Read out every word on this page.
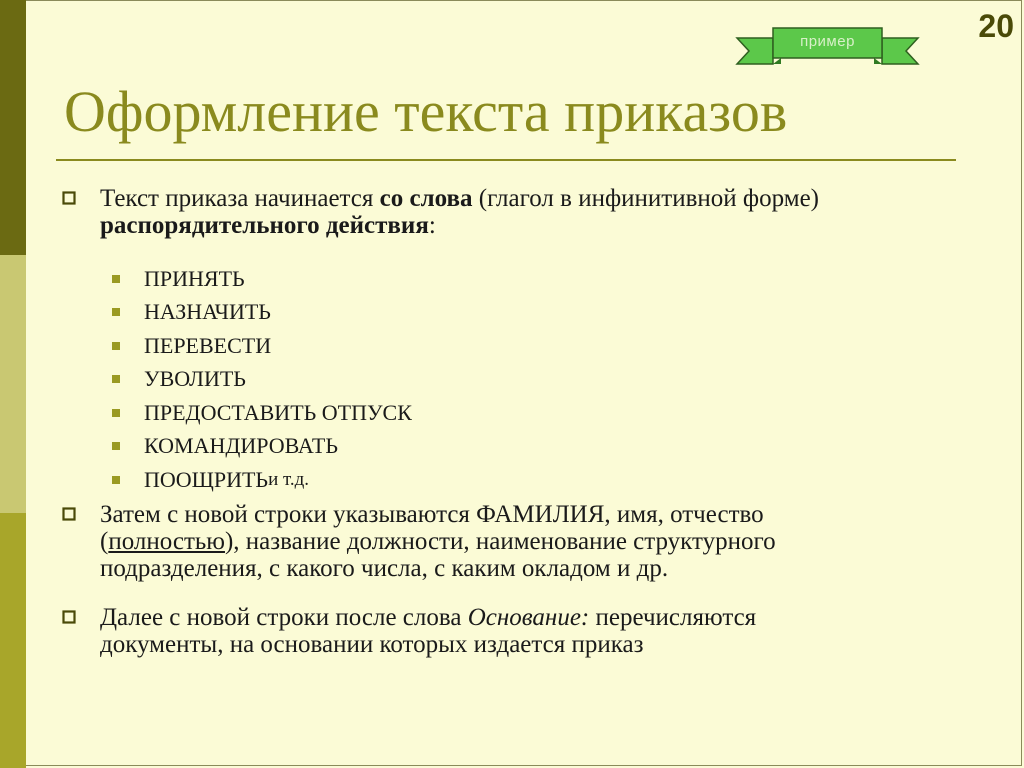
20
пример
Оформление текста приказов
Текст приказа начинается со слова (глагол в инфинитивной форме)
распорядительного действия:
ПРИНЯТЬ
НАЗНАЧИТЬ
ПЕРЕВЕСТИ
УВОЛИТЬ
ПРЕДОСТАВИТЬ ОТПУСК
КОМАНДИРОВАТЬ
ПООЩРИТЬ и т.д.
Затем с новой строки указываются ФАМИЛИЯ, имя, отчество (полностью), название должности, наименование структурного подразделения, с какого числа, с каким окладом и др.
Далее с новой строки после слова Основание: перечисляются документы, на основании которых издается приказ
